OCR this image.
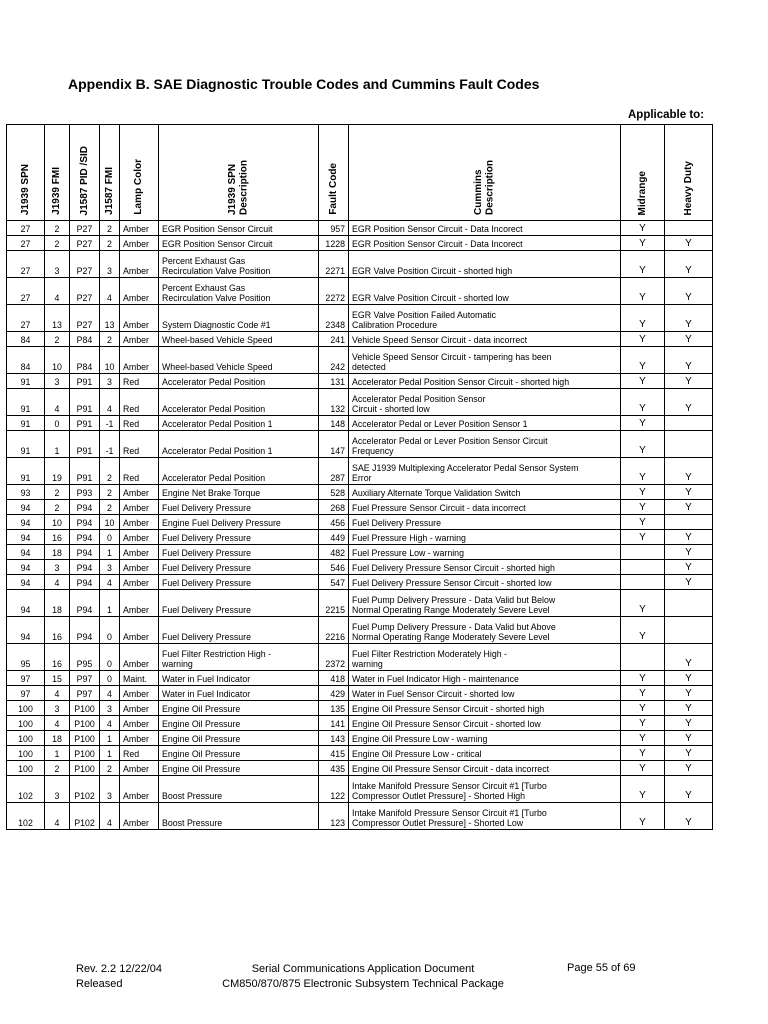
Appendix B. SAE Diagnostic Trouble Codes and Cummins Fault Codes
Applicable to:
J1939 SPN	J1939 FMI	J1587 PID /SID	J1587 FMI	Lamp Color	J1939 SPN Description	Fault Code	Cummins Description	Midrange	Heavy Duty
27	2	P27	2	Amber	EGR Position Sensor Circuit	957	EGR Position Sensor Circuit - Data Incorect	Y	
27	2	P27	2	Amber	EGR Position Sensor Circuit	1228	EGR Position Sensor Circuit - Data Incorect	Y	Y
27	3	P27	3	Amber	Percent Exhaust Gas
Recirculation Valve Position	2271	EGR Valve Position Circuit - shorted high	Y	Y
27	4	P27	4	Amber	Percent Exhaust Gas
Recirculation Valve Position	2272	EGR Valve Position Circuit - shorted low	Y	Y
27	13	P27	13	Amber	System Diagnostic Code #1	2348	EGR Valve Position Failed Automatic
Calibration Procedure	Y	Y
84	2	P84	2	Amber	Wheel-based Vehicle Speed	241	Vehicle Speed Sensor Circuit - data incorrect	Y	Y
84	10	P84	10	Amber	Wheel-based Vehicle Speed	242	Vehicle Speed Sensor Circuit - tampering has been
detected	Y	Y
91	3	P91	3	Red	Accelerator Pedal Position	131	Accelerator Pedal Position Sensor Circuit - shorted high	Y	Y
91	4	P91	4	Red	Accelerator Pedal Position	132	Accelerator Pedal Position Sensor
Circuit - shorted low	Y	Y
91	0	P91	-1	Red	Accelerator Pedal Position 1	148	Accelerator Pedal or Lever Position Sensor 1	Y	
91	1	P91	-1	Red	Accelerator Pedal Position 1	147	Accelerator Pedal or Lever Position Sensor Circuit
Frequency	Y	
91	19	P91	2	Red	Accelerator Pedal Position	287	SAE J1939 Multiplexing Accelerator Pedal Sensor System
Error	Y	Y
93	2	P93	2	Amber	Engine Net Brake Torque	528	Auxiliary Alternate Torque Validation Switch	Y	Y
94	2	P94	2	Amber	Fuel Delivery Pressure	268	Fuel Pressure Sensor Circuit - data incorrect	Y	Y
94	10	P94	10	Amber	Engine Fuel Delivery Pressure	456	Fuel Delivery Pressure	Y	
94	16	P94	0	Amber	Fuel Delivery Pressure	449	Fuel Pressure High - warning	Y	Y
94	18	P94	1	Amber	Fuel Delivery Pressure	482	Fuel Pressure Low - warning		Y
94	3	P94	3	Amber	Fuel Delivery Pressure	546	Fuel Delivery Pressure Sensor Circuit - shorted high		Y
94	4	P94	4	Amber	Fuel Delivery Pressure	547	Fuel Delivery Pressure Sensor Circuit - shorted low		Y
94	18	P94	1	Amber	Fuel Delivery Pressure	2215	Fuel Pump Delivery Pressure - Data Valid but Below
Normal Operating Range Moderately Severe Level	Y	
94	16	P94	0	Amber	Fuel Delivery Pressure	2216	Fuel Pump Delivery Pressure - Data Valid but Above
Normal Operating Range Moderately Severe Level	Y	
95	16	P95	0	Amber	Fuel Filter Restriction High -
warning	2372	Fuel Filter Restriction Moderately High -
warning		Y
97	15	P97	0	Maint.	Water in Fuel Indicator	418	Water in Fuel Indicator High - maintenance	Y	Y
97	4	P97	4	Amber	Water in Fuel Indicator	429	Water in Fuel Sensor Circuit - shorted low	Y	Y
100	3	P100	3	Amber	Engine Oil Pressure	135	Engine Oil Pressure Sensor Circuit - shorted high	Y	Y
100	4	P100	4	Amber	Engine Oil Pressure	141	Engine Oil Pressure Sensor Circuit - shorted low	Y	Y
100	18	P100	1	Amber	Engine Oil Pressure	143	Engine Oil Pressure Low - warning	Y	Y
100	1	P100	1	Red	Engine Oil Pressure	415	Engine Oil Pressure Low - critical	Y	Y
100	2	P100	2	Amber	Engine Oil Pressure	435	Engine Oil Pressure Sensor Circuit - data incorrect	Y	Y
102	3	P102	3	Amber	Boost Pressure	122	Intake Manifold Pressure Sensor Circuit #1 [Turbo
Compressor Outlet Pressure] - Shorted High	Y	Y
102	4	P102	4	Amber	Boost Pressure	123	Intake Manifold Pressure Sensor Circuit #1 [Turbo
Compressor Outlet Pressure] - Shorted Low	Y	Y
Rev. 2.2 12/22/04
Released
Serial Communications Application Document
CM850/870/875 Electronic Subsystem Technical Package
Page 55 of 69
